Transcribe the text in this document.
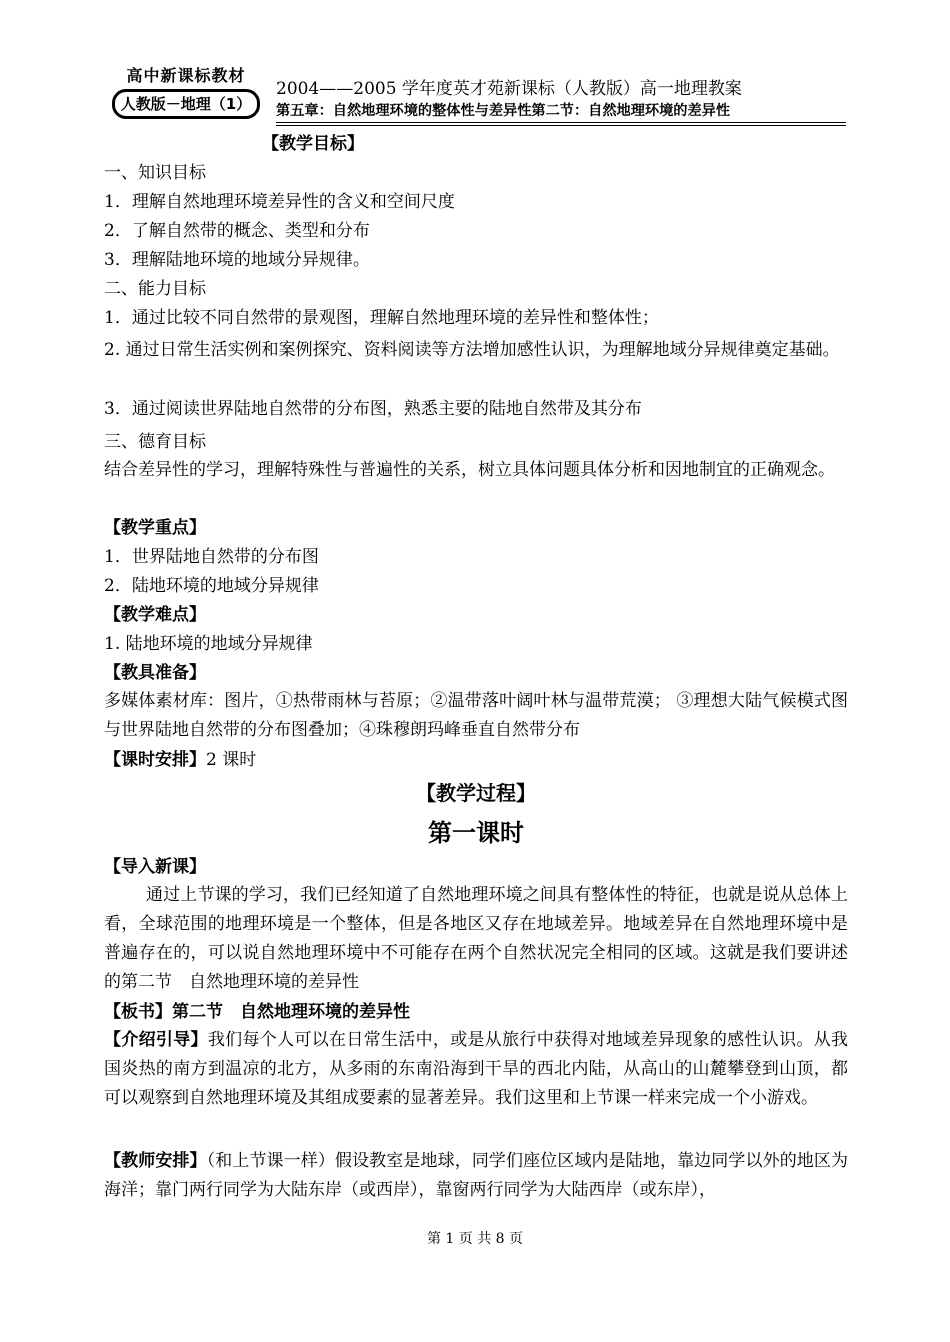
高中新课标教材
人教版－地理（1）
2004——2005 学年度英才苑新课标（人教版）高一地理教案
第五章：自然地理环境的整体性与差异性第二节：自然地理环境的差异性
【教学目标】
一、知识目标
1．理解自然地理环境差异性的含义和空间尺度
2．了解自然带的概念、类型和分布
3．理解陆地环境的地域分异规律。
二、能力目标
1．通过比较不同自然带的景观图，理解自然地理环境的差异性和整体性；
2. 通过日常生活实例和案例探究、资料阅读等方法增加感性认识，为理解地域分异规律奠定基础。
3．通过阅读世界陆地自然带的分布图，熟悉主要的陆地自然带及其分布
三、德育目标
结合差异性的学习，理解特殊性与普遍性的关系，树立具体问题具体分析和因地制宜的正确观念。
【教学重点】
1．世界陆地自然带的分布图
2．陆地环境的地域分异规律
【教学难点】
1. 陆地环境的地域分异规律
【教具准备】
多媒体素材库：图片，①热带雨林与苔原；②温带落叶阔叶林与温带荒漠； ③理想大陆气候模式图与世界陆地自然带的分布图叠加；④珠穆朗玛峰垂直自然带分布
【课时安排】2 课时
【教学过程】
第一课时
【导入新课】
通过上节课的学习，我们已经知道了自然地理环境之间具有整体性的特征，也就是说从总体上看，全球范围的地理环境是一个整体，但是各地区又存在地域差异。地域差异在自然地理环境中是普遍存在的，可以说自然地理环境中不可能存在两个自然状况完全相同的区域。这就是我们要讲述的第二节　自然地理环境的差异性
【板书】第二节　自然地理环境的差异性
【介绍引导】我们每个人可以在日常生活中，或是从旅行中获得对地域差异现象的感性认识。从我国炎热的南方到温凉的北方，从多雨的东南沿海到干旱的西北内陆，从高山的山麓攀登到山顶，都可以观察到自然地理环境及其组成要素的显著差异。我们这里和上节课一样来完成一个小游戏。
【教师安排】（和上节课一样）假设教室是地球，同学们座位区域内是陆地，靠边同学以外的地区为海洋；靠门两行同学为大陆东岸（或西岸），靠窗两行同学为大陆西岸（或东岸），
第 1 页 共 8 页
